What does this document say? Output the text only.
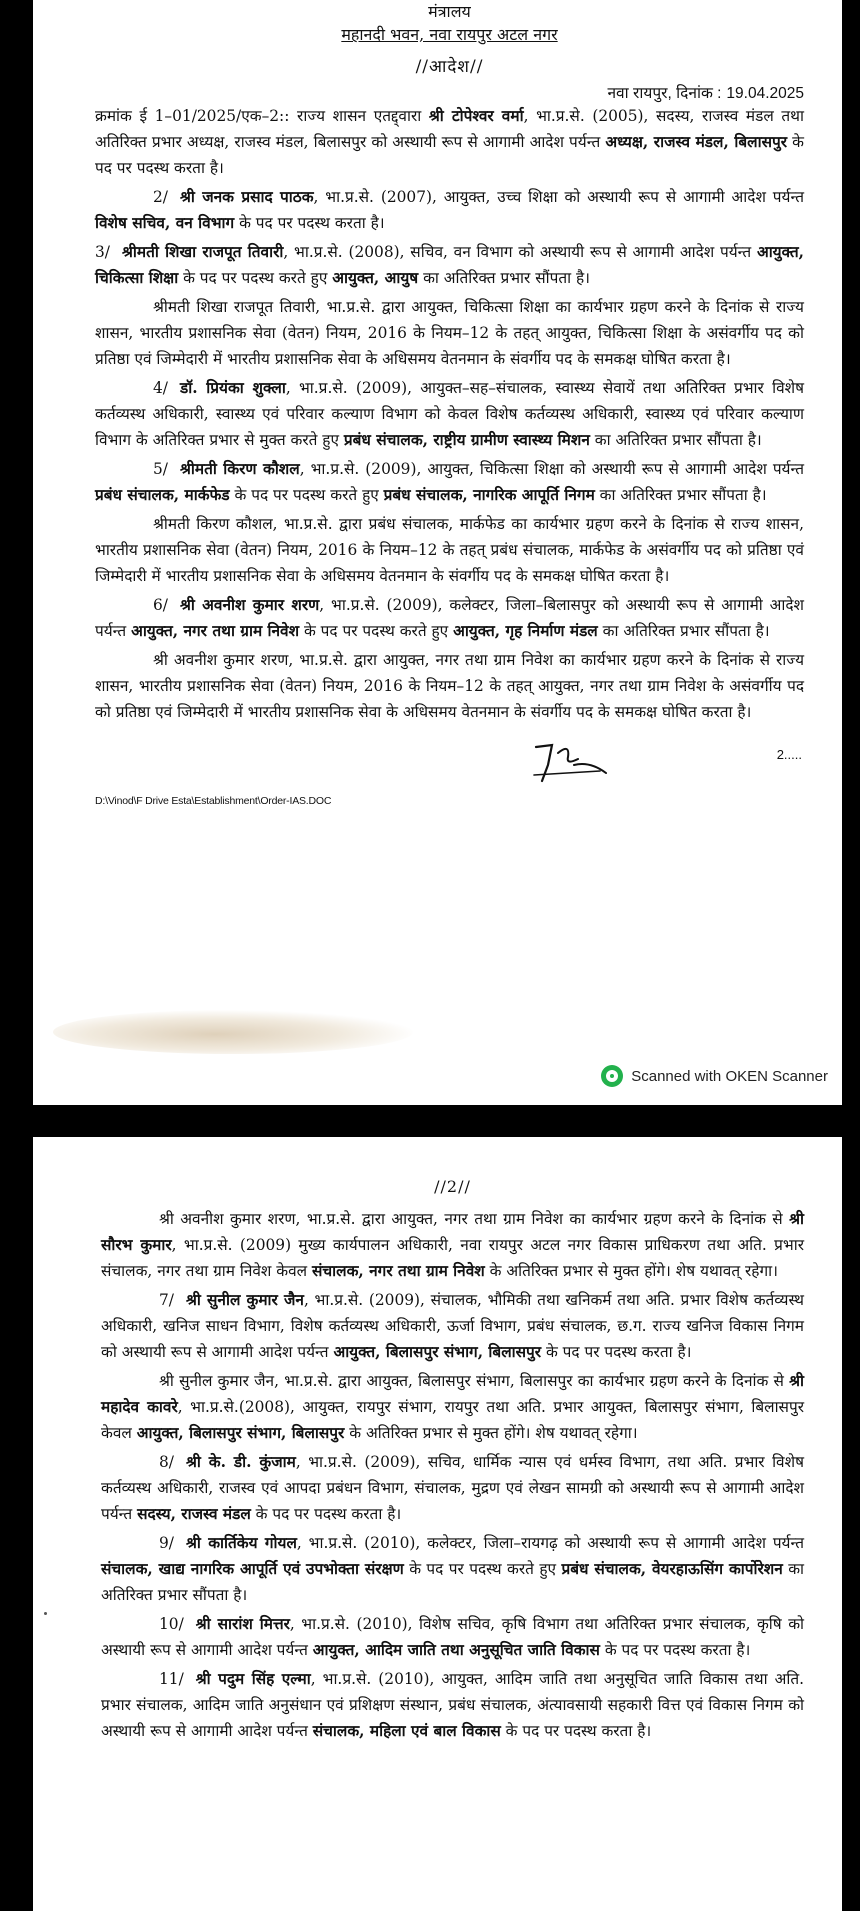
मंत्रालय
महानदी भवन, नवा रायपुर अटल नगर
//आदेश//
नवा रायपुर, दिनांक : 19.04.2025

क्रमांक ई 1–01/2025/एक–2:: राज्य शासन एतद्द्वारा श्री टोपेश्वर वर्मा, भा.प्र.से. (2005), सदस्य, राजस्व मंडल तथा अतिरिक्त प्रभार अध्यक्ष, राजस्व मंडल, बिलासपुर को अस्थायी रूप से आगामी आदेश पर्यन्त अध्यक्ष, राजस्व मंडल, बिलासपुर के पद पर पदस्थ करता है।

2/ श्री जनक प्रसाद पाठक, भा.प्र.से. (2007), आयुक्त, उच्च शिक्षा को अस्थायी रूप से आगामी आदेश पर्यन्त विशेष सचिव, वन विभाग के पद पर पदस्थ करता है।

3/ श्रीमती शिखा राजपूत तिवारी, भा.प्र.से. (2008), सचिव, वन विभाग को अस्थायी रूप से आगामी आदेश पर्यन्त आयुक्त, चिकित्सा शिक्षा के पद पर पदस्थ करते हुए आयुक्त, आयुष का अतिरिक्त प्रभार सौंपता है।

श्रीमती शिखा राजपूत तिवारी, भा.प्र.से. द्वारा आयुक्त, चिकित्सा शिक्षा का कार्यभार ग्रहण करने के दिनांक से राज्य शासन, भारतीय प्रशासनिक सेवा (वेतन) नियम, 2016 के नियम–12 के तहत् आयुक्त, चिकित्सा शिक्षा के असंवर्गीय पद को प्रतिष्ठा एवं जिम्मेदारी में भारतीय प्रशासनिक सेवा के अधिसमय वेतनमान के संवर्गीय पद के समकक्ष घोषित करता है।

4/ डॉ. प्रियंका शुक्ला, भा.प्र.से. (2009), आयुक्त–सह–संचालक, स्वास्थ्य सेवायें तथा अतिरिक्त प्रभार विशेष कर्तव्यस्थ अधिकारी, स्वास्थ्य एवं परिवार कल्याण विभाग को केवल विशेष कर्तव्यस्थ अधिकारी, स्वास्थ्य एवं परिवार कल्याण विभाग के अतिरिक्त प्रभार से मुक्त करते हुए प्रबंध संचालक, राष्ट्रीय ग्रामीण स्वास्थ्य मिशन का अतिरिक्त प्रभार सौंपता है।

5/ श्रीमती किरण कौशल, भा.प्र.से. (2009), आयुक्त, चिकित्सा शिक्षा को अस्थायी रूप से आगामी आदेश पर्यन्त प्रबंध संचालक, मार्कफेड के पद पर पदस्थ करते हुए प्रबंध संचालक, नागरिक आपूर्ति निगम का अतिरिक्त प्रभार सौंपता है।

श्रीमती किरण कौशल, भा.प्र.से. द्वारा प्रबंध संचालक, मार्कफेड का कार्यभार ग्रहण करने के दिनांक से राज्य शासन, भारतीय प्रशासनिक सेवा (वेतन) नियम, 2016 के नियम–12 के तहत् प्रबंध संचालक, मार्कफेड के असंवर्गीय पद को प्रतिष्ठा एवं जिम्मेदारी में भारतीय प्रशासनिक सेवा के अधिसमय वेतनमान के संवर्गीय पद के समकक्ष घोषित करता है।

6/ श्री अवनीश कुमार शरण, भा.प्र.से. (2009), कलेक्टर, जिला–बिलासपुर को अस्थायी रूप से आगामी आदेश पर्यन्त आयुक्त, नगर तथा ग्राम निवेश के पद पर पदस्थ करते हुए आयुक्त, गृह निर्माण मंडल का अतिरिक्त प्रभार सौंपता है।

श्री अवनीश कुमार शरण, भा.प्र.से. द्वारा आयुक्त, नगर तथा ग्राम निवेश का कार्यभार ग्रहण करने के दिनांक से राज्य शासन, भारतीय प्रशासनिक सेवा (वेतन) नियम, 2016 के नियम–12 के तहत् आयुक्त, नगर तथा ग्राम निवेश के असंवर्गीय पद को प्रतिष्ठा एवं जिम्मेदारी में भारतीय प्रशासनिक सेवा के अधिसमय वेतनमान के संवर्गीय पद के समकक्ष घोषित करता है।

2.....
D:\Vinod\F Drive Esta\Establishment\Order-IAS.DOC
Scanned with OKEN Scanner
//2//

श्री अवनीश कुमार शरण, भा.प्र.से. द्वारा आयुक्त, नगर तथा ग्राम निवेश का कार्यभार ग्रहण करने के दिनांक से श्री सौरभ कुमार, भा.प्र.से. (2009) मुख्य कार्यपालन अधिकारी, नवा रायपुर अटल नगर विकास प्राधिकरण तथा अति. प्रभार संचालक, नगर तथा ग्राम निवेश केवल संचालक, नगर तथा ग्राम निवेश के अतिरिक्त प्रभार से मुक्त होंगे। शेष यथावत् रहेगा।

7/ श्री सुनील कुमार जैन, भा.प्र.से. (2009), संचालक, भौमिकी तथा खनिकर्म तथा अति. प्रभार विशेष कर्तव्यस्थ अधिकारी, खनिज साधन विभाग, विशेष कर्तव्यस्थ अधिकारी, ऊर्जा विभाग, प्रबंध संचालक, छ.ग. राज्य खनिज विकास निगम को अस्थायी रूप से आगामी आदेश पर्यन्त आयुक्त, बिलासपुर संभाग, बिलासपुर के पद पर पदस्थ करता है।

श्री सुनील कुमार जैन, भा.प्र.से. द्वारा आयुक्त, बिलासपुर संभाग, बिलासपुर का कार्यभार ग्रहण करने के दिनांक से श्री महादेव कावरे, भा.प्र.से.(2008), आयुक्त, रायपुर संभाग, रायपुर तथा अति. प्रभार आयुक्त, बिलासपुर संभाग, बिलासपुर केवल आयुक्त, बिलासपुर संभाग, बिलासपुर के अतिरिक्त प्रभार से मुक्त होंगे। शेष यथावत् रहेगा।

8/ श्री के. डी. कुंजाम, भा.प्र.से. (2009), सचिव, धार्मिक न्यास एवं धर्मस्व विभाग, तथा अति. प्रभार विशेष कर्तव्यस्थ अधिकारी, राजस्व एवं आपदा प्रबंधन विभाग, संचालक, मुद्रण एवं लेखन सामग्री को अस्थायी रूप से आगामी आदेश पर्यन्त सदस्य, राजस्व मंडल के पद पर पदस्थ करता है।

9/ श्री कार्तिकेय गोयल, भा.प्र.से. (2010), कलेक्टर, जिला–रायगढ़ को अस्थायी रूप से आगामी आदेश पर्यन्त संचालक, खाद्य नागरिक आपूर्ति एवं उपभोक्ता संरक्षण के पद पर पदस्थ करते हुए प्रबंध संचालक, वेयरहाऊसिंग कार्पोरेशन का अतिरिक्त प्रभार सौंपता है।

10/ श्री सारांश मित्तर, भा.प्र.से. (2010), विशेष सचिव, कृषि विभाग तथा अतिरिक्त प्रभार संचालक, कृषि को अस्थायी रूप से आगामी आदेश पर्यन्त आयुक्त, आदिम जाति तथा अनुसूचित जाति विकास के पद पर पदस्थ करता है।

11/ श्री पदुम सिंह एल्मा, भा.प्र.से. (2010), आयुक्त, आदिम जाति तथा अनुसूचित जाति विकास तथा अति. प्रभार संचालक, आदिम जाति अनुसंधान एवं प्रशिक्षण संस्थान, प्रबंध संचालक, अंत्यावसायी सहकारी वित्त एवं विकास निगम को अस्थायी रूप से आगामी आदेश पर्यन्त संचालक, महिला एवं बाल विकास के पद पर पदस्थ करता है।
